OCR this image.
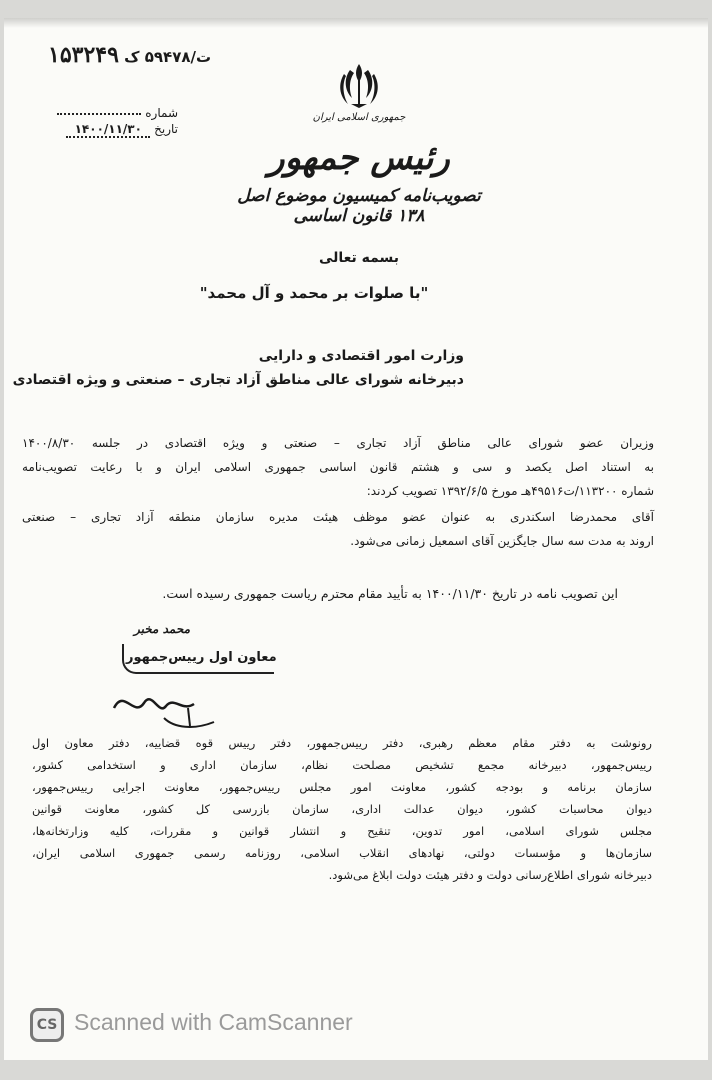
ت/۵۹۴۷۸ ک ۱۵۳۲۴۹
شماره
تاریخ ۱۴۰۰/۱۱/۳۰
جمهوری اسلامی ایران
رئیس جمهور
تصویب‌نامه کمیسیون موضوع اصل ۱۳۸ قانون اساسی
بسمه تعالی
"با صلوات بر محمد و آل محمد"
وزارت امور اقتصادی و دارایی
دبیرخانه شورای عالی مناطق آزاد تجاری – صنعتی و ویژه اقتصادی
وزیران عضو شورای عالی مناطق آزاد تجاری – صنعتی و ویژه اقتصادی در جلسه ۱۴۰۰/۸/۳۰
به استناد اصل یکصد و سی و هشتم قانون اساسی جمهوری اسلامی ایران و با رعایت تصویب‌نامه
شماره ۱۱۳۲۰۰/ت۴۹۵۱۶هـ مورخ ۱۳۹۲/۶/۵ تصویب کردند:
آقای محمدرضا اسکندری به عنوان عضو موظف هیئت مدیره سازمان منطقه آزاد تجاری – صنعتی
اروند به مدت سه سال جایگزین آقای اسمعیل زمانی می‌شود.
این تصویب نامه در تاریخ ۱۴۰۰/۱۱/۳۰ به تأیید مقام محترم ریاست جمهوری رسیده است.
محمد مخبر
معاون اول رییس‌جمهور
رونوشت به دفتر مقام معظم رهبری، دفتر رییس‌جمهور، دفتر رییس قوه قضاییه، دفتر معاون اول
رییس‌جمهور، دبیرخانه مجمع تشخیص مصلحت نظام، سازمان اداری و استخدامی کشور،
سازمان برنامه و بودجه کشور، معاونت امور مجلس رییس‌جمهور، معاونت اجرایی رییس‌جمهور،
دیوان محاسبات کشور، دیوان عدالت اداری، سازمان بازرسی کل کشور، معاونت قوانین
مجلس شورای اسلامی، امور تدوین، تنقیح و انتشار قوانین و مقررات، کلیه وزارتخانه‌ها،
سازمان‌ها و مؤسسات دولتی، نهادهای انقلاب اسلامی، روزنامه رسمی جمهوری اسلامی ایران،
دبیرخانه شورای اطلاع‌رسانی دولت و دفتر هیئت دولت ابلاغ می‌شود.
CS Scanned with CamScanner
